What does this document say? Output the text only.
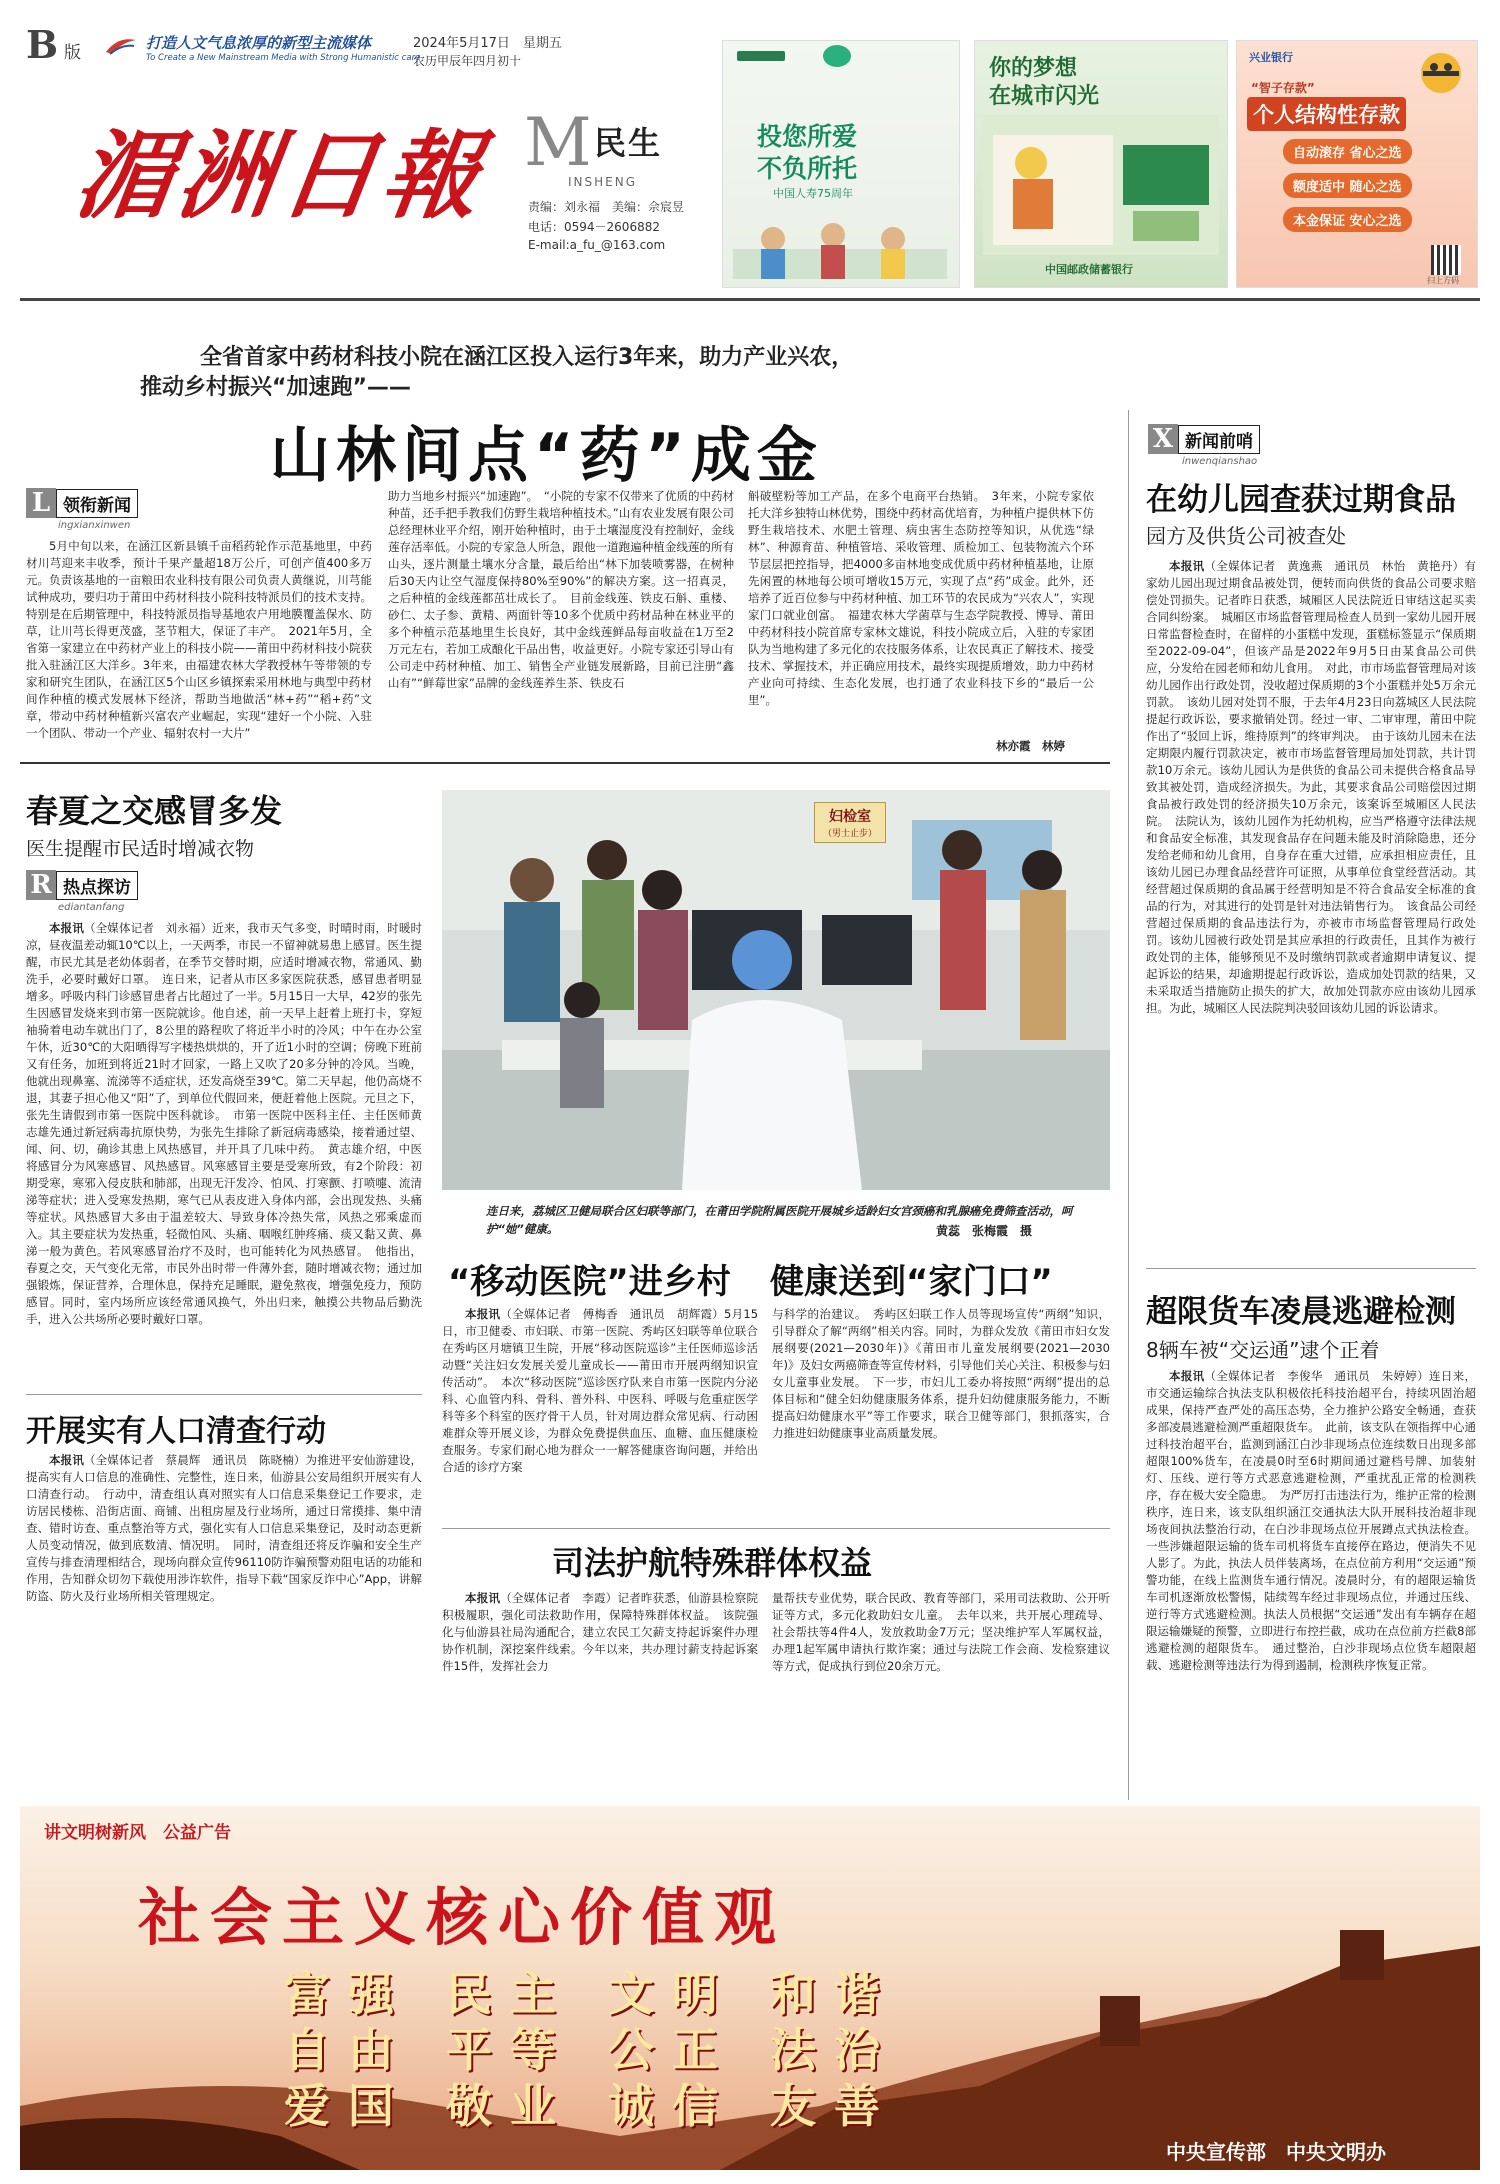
B 版	打造人文气息浓厚的新型主流媒体
To Create a New Mainstream Media with Strong Humanistic care
2024年5月17日　星期五
农历甲辰年四月初十
湄洲日報 M 民生
INSHENG
责编：刘永福　美编：佘宸昱
电话：0594－2606882
E-mail:a_fu_@163.com
投您所爱
不负所托
中国人寿75周年
你的梦想
在城市闪光
中国邮政储蓄银行
兴业银行
“智子存款”
个人结构性存款
自动滚存 省心之选
额度适中 随心之选
本金保证 安心之选
扫上方码
全省首家中药材科技小院在涵江区投入运行3年来，助力产业兴农，
推动乡村振兴“加速跑”——
山林间点“药”成金
L 领衔新闻
ingxianxinwen

5月中旬以来，在涵江区新县镇千亩稻药轮作示范基地里，中药材川芎迎来丰收季，预计千果产量超18万公斤，可创产值400多万元。负责该基地的一亩粮田农业科技有限公司负责人黄继说，川芎能试种成功，要归功于莆田中药材科技小院科技特派员们的技术支持。特别是在后期管理中，科技特派员指导基地农户用地膜覆盖保水、防草，让川芎长得更茂盛，茎节粗大，保证了丰产。　2021年5月，全省第一家建立在中药材产业上的科技小院——莆田中药材科技小院获批入驻涵江区大洋乡。3年来，由福建农林大学教授林午等带领的专家和研究生团队，在涵江区5个山区乡镇探索采用林地与典型中药材间作种植的模式发展林下经济，帮助当地做活“林+药”“稻+药”文章，带动中药材种植新兴富农产业崛起，实现“建好一个小院、入驻一个团队、带动一个产业、辐射农村一大片”

助力当地乡村振兴“加速跑”。　“小院的专家不仅带来了优质的中药材种苗，还手把手教我们仿野生栽培种植技术。”山有农业发展有限公司总经理林业平介绍，刚开始种植时，由于土壤湿度没有控制好，金线莲存活率低。小院的专家急人所急，跟他一道跑遍种植金线莲的所有山头，逐片测量土壤水分含量，最后给出“林下加装喷雾器，在树种后30天内让空气湿度保持80%至90%”的解决方案。这一招真灵，之后种植的金线莲都茁壮成长了。　目前金线莲、铁皮石斛、重楼、砂仁、太子参、黄精、两面针等10多个优质中药材品种在林业平的多个种植示范基地里生长良好，其中金线莲鲜品每亩收益在1万至2万元左右，若加工成酿化干品出售，收益更好。小院专家还引导山有公司走中药材种植、加工、销售全产业链发展新路，目前已注册“鑫山有”“鲜莓世家”品牌的金线莲养生茶、铁皮石

斛破壁粉等加工产品，在多个电商平台热销。　3年来，小院专家依托大洋乡独特山林优势，围绕中药材高优培育，为种植户提供林下仿野生栽培技术、水肥土管理、病虫害生态防控等知识，从优选“绿林”、种源育苗、种植管培、采收管理、质检加工、包装物流六个环节层层把控指导，把4000多亩林地变成优质中药材种植基地，让原先闲置的林地每公顷可增收15万元，实现了点“药”成金。此外，还培养了近百位参与中药材种植、加工环节的农民成为“兴农人”，实现家门口就业创富。　福建农林大学菌草与生态学院教授、博导、莆田中药材科技小院首席专家林文雄说，科技小院成立后，入驻的专家团队为当地构建了多元化的农技服务体系，让农民真正了解技术、接受技术、掌握技术，并正确应用技术，最终实现提质增效，助力中药材产业向可持续、生态化发展，也打通了农业科技下乡的“最后一公里”。

林亦霞　林婷
X 新闻前哨
inwenqianshao
在幼儿园查获过期食品
园方及供货公司被查处

本报讯（全媒体记者　黄逸燕　通讯员　林怡　黄艳丹）有家幼儿园出现过期食品被处罚，便转而向供货的食品公司要求赔偿处罚损失。记者昨日获悉，城厢区人民法院近日审结这起买卖合同纠纷案。　城厢区市场监督管理局检查人员到一家幼儿园开展日常监督检查时，在留样的小蛋糕中发现，蛋糕标签显示“保质期至2022-09-04”，但该产品是2022年9月5日由某食品公司供应，分发给在园老师和幼儿食用。　对此，市市场监督管理局对该幼儿园作出行政处罚，没收超过保质期的3个小蛋糕并处5万余元罚款。　该幼儿园对处罚不服，于去年4月23日向荔城区人民法院提起行政诉讼，要求撤销处罚。经过一审、二审审理，莆田中院作出了“驳回上诉，维持原判”的终审判决。　由于该幼儿园未在法定期限内履行罚款决定，被市市场监督管理局加处罚款，共计罚款10万余元。该幼儿园认为是供货的食品公司未提供合格食品导致其被处罚，造成经济损失。为此，其要求食品公司赔偿因过期食品被行政处罚的经济损失10万余元，该案诉至城厢区人民法院。　法院认为，该幼儿园作为托幼机构，应当严格遵守法律法规和食品安全标准，其发现食品存在问题未能及时消除隐患，还分发给老师和幼儿食用，自身存在重大过错，应承担相应责任，且该幼儿园已办理食品经营许可证照，从事单位食堂经营活动。其经营超过保质期的食品属于经营明知是不符合食品安全标准的食品的行为，对其进行的处罚是针对违法销售行为。　该食品公司经营超过保质期的食品违法行为，亦被市市场监督管理局行政处罚。该幼儿园被行政处罚是其应承担的行政责任，且其作为被行政处罚的主体，能够预见不及时缴纳罚款或者逾期申请复议、提起诉讼的结果，却逾期提起行政诉讼，造成加处罚款的结果，又未采取适当措施防止损失的扩大，故加处罚款亦应由该幼儿园承担。为此，城厢区人民法院判决驳回该幼儿园的诉讼请求。

超限货车凌晨逃避检测
8辆车被“交运通”逮个正着

本报讯（全媒体记者　李俊华　通讯员　朱婷婷）连日来，市交通运输综合执法支队积极依托科技治超平台，持续巩固治超成果，保持严查严处的高压态势，全力推护公路安全畅通，查获多部凌晨逃避检测严重超限货车。　此前，该支队在领指挥中心通过科技治超平台，监测到涵江白沙非现场点位连续数日出现多部超限100%货车，在凌晨0时至6时期间通过避档号牌、加装射灯、压线、逆行等方式恶意逃避检测，严重扰乱正常的检测秩序，存在极大安全隐患。　为严厉打击违法行为，维护正常的检测秩序，连日来，该支队组织涵江交通执法大队开展科技治超非现场夜间执法整治行动，在白沙非现场点位开展蹲点式执法检查。一些涉嫌超限运输的货车司机将货车直接停在路边，便消失不见人影了。为此，执法人员伴装离场，在点位前方利用“交运通”预警功能，在线上监测货车通行情况。凌晨时分，有的超限运输货车司机逐渐放松警惕，陆续驾车经过非现场点位，并通过压线、逆行等方式逃避检测。执法人员根据“交运通”发出有车辆存在超限运输嫌疑的预警，立即进行布控拦截，成功在点位前方拦截8部逃避检测的超限货车。　通过整治，白沙非现场点位货车超限超载、逃避检测等违法行为得到遏制，检测秩序恢复正常。

春夏之交感冒多发
医生提醒市民适时增减衣物
R 热点探访
ediantanfang

本报讯（全媒体记者　刘永福）近来，我市天气多变，时晴时雨，时暖时凉，昼夜温差动辄10℃以上，一天两季，市民一不留神就易患上感冒。医生提醒，市民尤其是老幼体弱者，在季节交替时期，应适时增减衣物，常通风、勤洗手，必要时戴好口罩。　连日来，记者从市区多家医院获悉，感冒患者明显增多。呼吸内科门诊感冒患者占比超过了一半。5月15日一大早，42岁的张先生因感冒发烧来到市第一医院就诊。他自述，前一天早上赶着上班打卡，穿短袖骑着电动车就出门了，8公里的路程吹了将近半小时的冷风；中午在办公室午休，近30℃的大阳晒得写字楼热烘烘的，开了近1小时的空调；傍晚下班前又有任务，加班到将近21时才回家，一路上又吹了20多分钟的冷风。当晚，他就出现鼻塞、流涕等不适症状，还发高烧至39℃。第二天早起，他仍高烧不退，其妻子担心他又“阳”了，到单位代假回来，便赶着他上医院。元旦之下，张先生请假到市第一医院中医科就诊。　市第一医院中医科主任、主任医师黄志雄先通过新冠病毒抗原快势，为张先生排除了新冠病毒感染，接着通过望、闻、问、切，确诊其患上风热感冒，并开具了几味中药。　黄志雄介绍，中医将感冒分为风寒感冒、风热感冒。风寒感冒主要是受寒所致，有2个阶段：初期受寒，寒邪入侵皮肤和肺部，出现无汗发冷、怕风、打寒颤、打喷嚏、流清涕等症状；进入受寒发热期，寒气已从表皮进入身体内部，会出现发热、头痛等症状。风热感冒大多由于温差较大、导致身体冷热失常，风热之邪乘虚而入。其主要症状为发热重，轻微怕风、头痛、咽喉红肿疼痛、痰又黏又黄、鼻涕一般为黄色。若风寒感冒治疗不及时，也可能转化为风热感冒。　他指出，春夏之交，天气变化无常，市民外出时带一件薄外套，随时增减衣物；通过加强锻炼，保证营养，合理休息，保持充足睡眠，避免熬夜，增强免疫力，预防感冒。同时，室内场所应该经常通风换气，外出归来，触摸公共物品后勤洗手，进入公共场所必要时戴好口罩。

开展实有人口清查行动

本报讯（全媒体记者　蔡晨辉　通讯员　陈晓楠）为推进平安仙游建设，提高实有人口信息的准确性、完整性，连日来，仙游县公安局组织开展实有人口清查行动。　行动中，清查组认真对照实有人口信息采集登记工作要求，走访居民楼栋、沿街店面、商铺、出租房屋及行业场所，通过日常摸排、集中清查、错时访查、重点整治等方式，强化实有人口信息采集登记，及时动态更新人员变动情况，做到底数清、情况明。　同时，清查组还将反诈骗和安全生产宣传与排查清理相结合，现场向群众宣传96110防诈骗预警劝阻电话的功能和作用，告知群众切勿下载使用涉诈软件，指导下载“国家反诈中心”App，讲解防盗、防火及行业场所相关管理规定。

妇检室
（男士止步）
连日来，荔城区卫健局联合区妇联等部门，在莆田学院附属医院开展城乡适龄妇女宫颈癌和乳腺癌免费筛查活动，呵护“她”健康。	黄蕊　张梅霞　摄
“移动医院”进乡村 健康送到“家门口”

本报讯（全媒体记者　傅梅香　通讯员　胡辉霞）5月15日，市卫健委、市妇联、市第一医院、秀屿区妇联等单位联合在秀屿区月塘镇卫生院，开展“移动医院巡诊”主任医师巡诊活动暨“关注妇女发展关爱儿童成长——莆田市开展两纲知识宣传活动”。　本次“移动医院”巡诊医疗队来自市第一医院内分泌科、心血管内科、骨科、普外科、中医科、呼吸与危重症医学科等多个科室的医疗骨干人员，针对周边群众常见病、行动困难群众等开展义诊，为群众免费提供血压、血糖、血压健康检查服务。专家们耐心地为群众一一解答健康咨询问题，并给出合适的诊疗方案

与科学的治建议。　秀屿区妇联工作人员等现场宣传“两纲”知识，引导群众了解“两纲”相关内容。同时，为群众发放《莆田市妇女发展纲要(2021—2030年)》《莆田市儿童发展纲要(2021—2030年)》及妇女两癌筛查等宣传材料，引导他们关心关注、积极参与妇女儿童事业发展。　下一步，市妇儿工委办将按照“两纲”提出的总体目标和“健全妇幼健康服务体系，提升妇幼健康服务能力，不断提高妇幼健康水平”等工作要求，联合卫健等部门，狠抓落实，合力推进妇幼健康事业高质量发展。

司法护航特殊群体权益

本报讯（全媒体记者　李霞）记者昨获悉，仙游县检察院积极履职，强化司法救助作用，保障特殊群体权益。　该院强化与仙游县社局沟通配合，建立农民工欠薪支持起诉案件办理协作机制，深挖案件线索。今年以来，共办理讨薪支持起诉案件15件，发挥社会力

量帮扶专业优势，联合民政、教育等部门，采用司法救助、公开听证等方式，多元化救助妇女儿童。　去年以来，共开展心理疏导、社会帮扶等4件4人，发放救助金7万元；坚决维护军人军属权益，办理1起军属申请执行欺诈案；通过与法院工作会商、发检察建议等方式，促成执行到位20余万元。

讲文明树新风　公益广告
社会主义核心价值观
富强 民主 文明 和谐
自由 平等 公正 法治
爱国 敬业 诚信 友善
中央宣传部　中央文明办
